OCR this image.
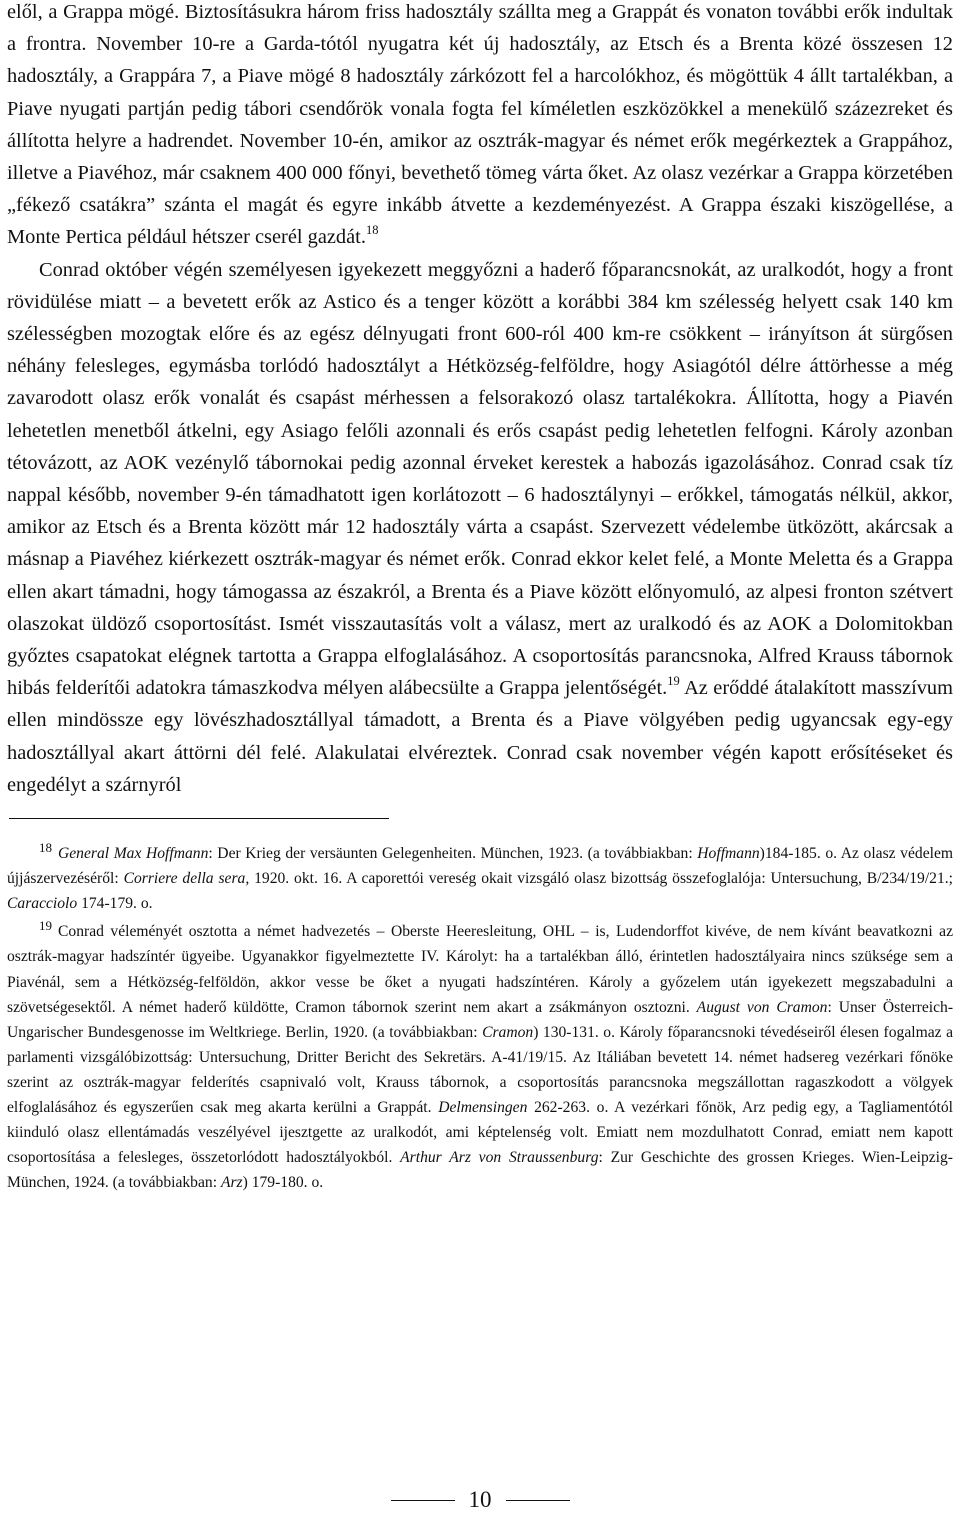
elől, a Grappa mögé. Biztosításukra három friss hadosztály szállta meg a Grappát és vonaton további erők indultak a frontra. November 10-re a Garda-tótól nyugatra két új hadosztály, az Etsch és a Brenta közé összesen 12 hadosztály, a Grappára 7, a Piave mögé 8 hadosztály zárkózott fel a harcolókhoz, és mögöttük 4 állt tartalékban, a Piave nyugati partján pedig tábori csendőrök vonala fogta fel kíméletlen eszközökkel a menekülő százezreket és állította helyre a hadrendet. November 10-én, amikor az osztrák-magyar és német erők megérkeztek a Grappához, illetve a Piavéhoz, már csaknem 400 000 főnyi, bevethető tömeg várta őket. Az olasz vezérkar a Grappa körzetében „fékező csatákra” szánta el magát és egyre inkább átvette a kezdeményezést. A Grappa északi kiszögellése, a Monte Pertica például hétszer cserél gazdát.$^{18}$

Conrad október végén személyesen igyekezett meggyőzni a haderő főparancsnokát, az uralkodót, hogy a front rövidülése miatt – a bevetett erők az Astico és a tenger között a korábbi 384 km szélesség helyett csak 140 km szélességben mozogtak előre és az egész délnyugati front 600-ról 400 km-re csökkent – irányítson át sürgősen néhány felesleges, egymásba torlódó hadosztályt a Hétközség-felföldre, hogy Asiagótól délre áttörhesse a még zavarodott olasz erők vonalát és csapást mérhessen a felsorakozó olasz tartalékokra. Állította, hogy a Piavén lehetetlen menetből átkelni, egy Asiago felőli azonnali és erős csapást pedig lehetetlen felfogni. Károly azonban tétovázott, az AOK vezénylő tábornokai pedig azonnal érveket kerestek a habozás igazolásához. Conrad csak tíz nappal később, november 9-én támadhatott igen korlátozott – 6 hadosztálynyi – erőkkel, támogatás nélkül, akkor, amikor az Etsch és a Brenta között már 12 hadosztály várta a csapást. Szervezett védelembe ütközött, akárcsak a másnap a Piavéhez kiérkezett osztrák-magyar és német erők. Conrad ekkor kelet felé, a Monte Meletta és a Grappa ellen akart támadni, hogy támogassa az északról, a Brenta és a Piave között előnyomuló, az alpesi fronton szétvert olaszokat üldöző csoportosítást. Ismét visszautasítás volt a válasz, mert az uralkodó és az AOK a Dolomitokban győztes csapatokat elégnek tartotta a Grappa elfoglalásához. A csoportosítás parancsnoka, Alfred Krauss tábornok hibás felderítői adatokra támaszkodva mélyen alábecsülte a Grappa jelentőségét.$^{19}$ Az erőddé átalakított masszívum ellen mindössze egy lövészhadosztállyal támadott, a Brenta és a Piave völgyében pedig ugyancsak egy-egy hadosztállyal akart áttörni dél felé. Alakulatai elvéreztek. Conrad csak november végén kapott erősítéseket és engedélyt a szárnyról

$^{18}$ General Max Hoffmann: Der Krieg der versäunten Gelegenheiten. München, 1923. (a továbbiakban: Hoffmann)184-185. o. Az olasz védelem újjászervezéséről: Corriere della sera, 1920. okt. 16. A caporettói vereség okait vizsgáló olasz bizottság összefoglalója: Untersuchung, B/234/19/21.; Caracciolo 174-179. o.

$^{19}$ Conrad véleményét osztotta a német hadvezetés – Oberste Heeresleitung, OHL – is, Ludendorffot kivéve, de nem kívánt beavatkozni az osztrák-magyar hadszíntér ügyeibe. Ugyanakkor figyelmeztette IV. Károlyt: ha a tartalékban álló, érintetlen hadosztályaira nincs szüksége sem a Piavénál, sem a Hétközség-felföldön, akkor vesse be őket a nyugati hadszíntéren. Károly a győzelem után igyekezett megszabadulni a szövetségesektől. A német haderő küldötte, Cramon tábornok szerint nem akart a zsákmányon osztozni. August von Cramon: Unser Österreich-Ungarischer Bundesgenosse im Weltkriege. Berlin, 1920. (a továbbiakban: Cramon) 130-131. o. Károly főparancsnoki tévedéseiről élesen fogalmaz a parlamenti vizsgálóbizottság: Untersuchung, Dritter Bericht des Sekretärs. A-41/19/15. Az Itáliában bevetett 14. német hadsereg vezérkari főnöke szerint az osztrák-magyar felderítés csapnivaló volt, Krauss tábornok, a csoportosítás parancsnoka megszállottan ragaszkodott a völgyek elfoglalásához és egyszerűen csak meg akarta kerülni a Grappát. Delmensingen 262-263. o. A vezérkari főnök, Arz pedig egy, a Tagliamentótól kiinduló olasz ellentámadás veszélyével ijesztgette az uralkodót, ami képtelenség volt. Emiatt nem mozdulhatott Conrad, emiatt nem kapott csoportosítása a felesleges, összetorlódott hadosztályokból. Arthur Arz von Straussenburg: Zur Geschichte des grossen Krieges. Wien-Leipzig-München, 1924. (a továbbiakban: Arz) 179-180. o.

10
